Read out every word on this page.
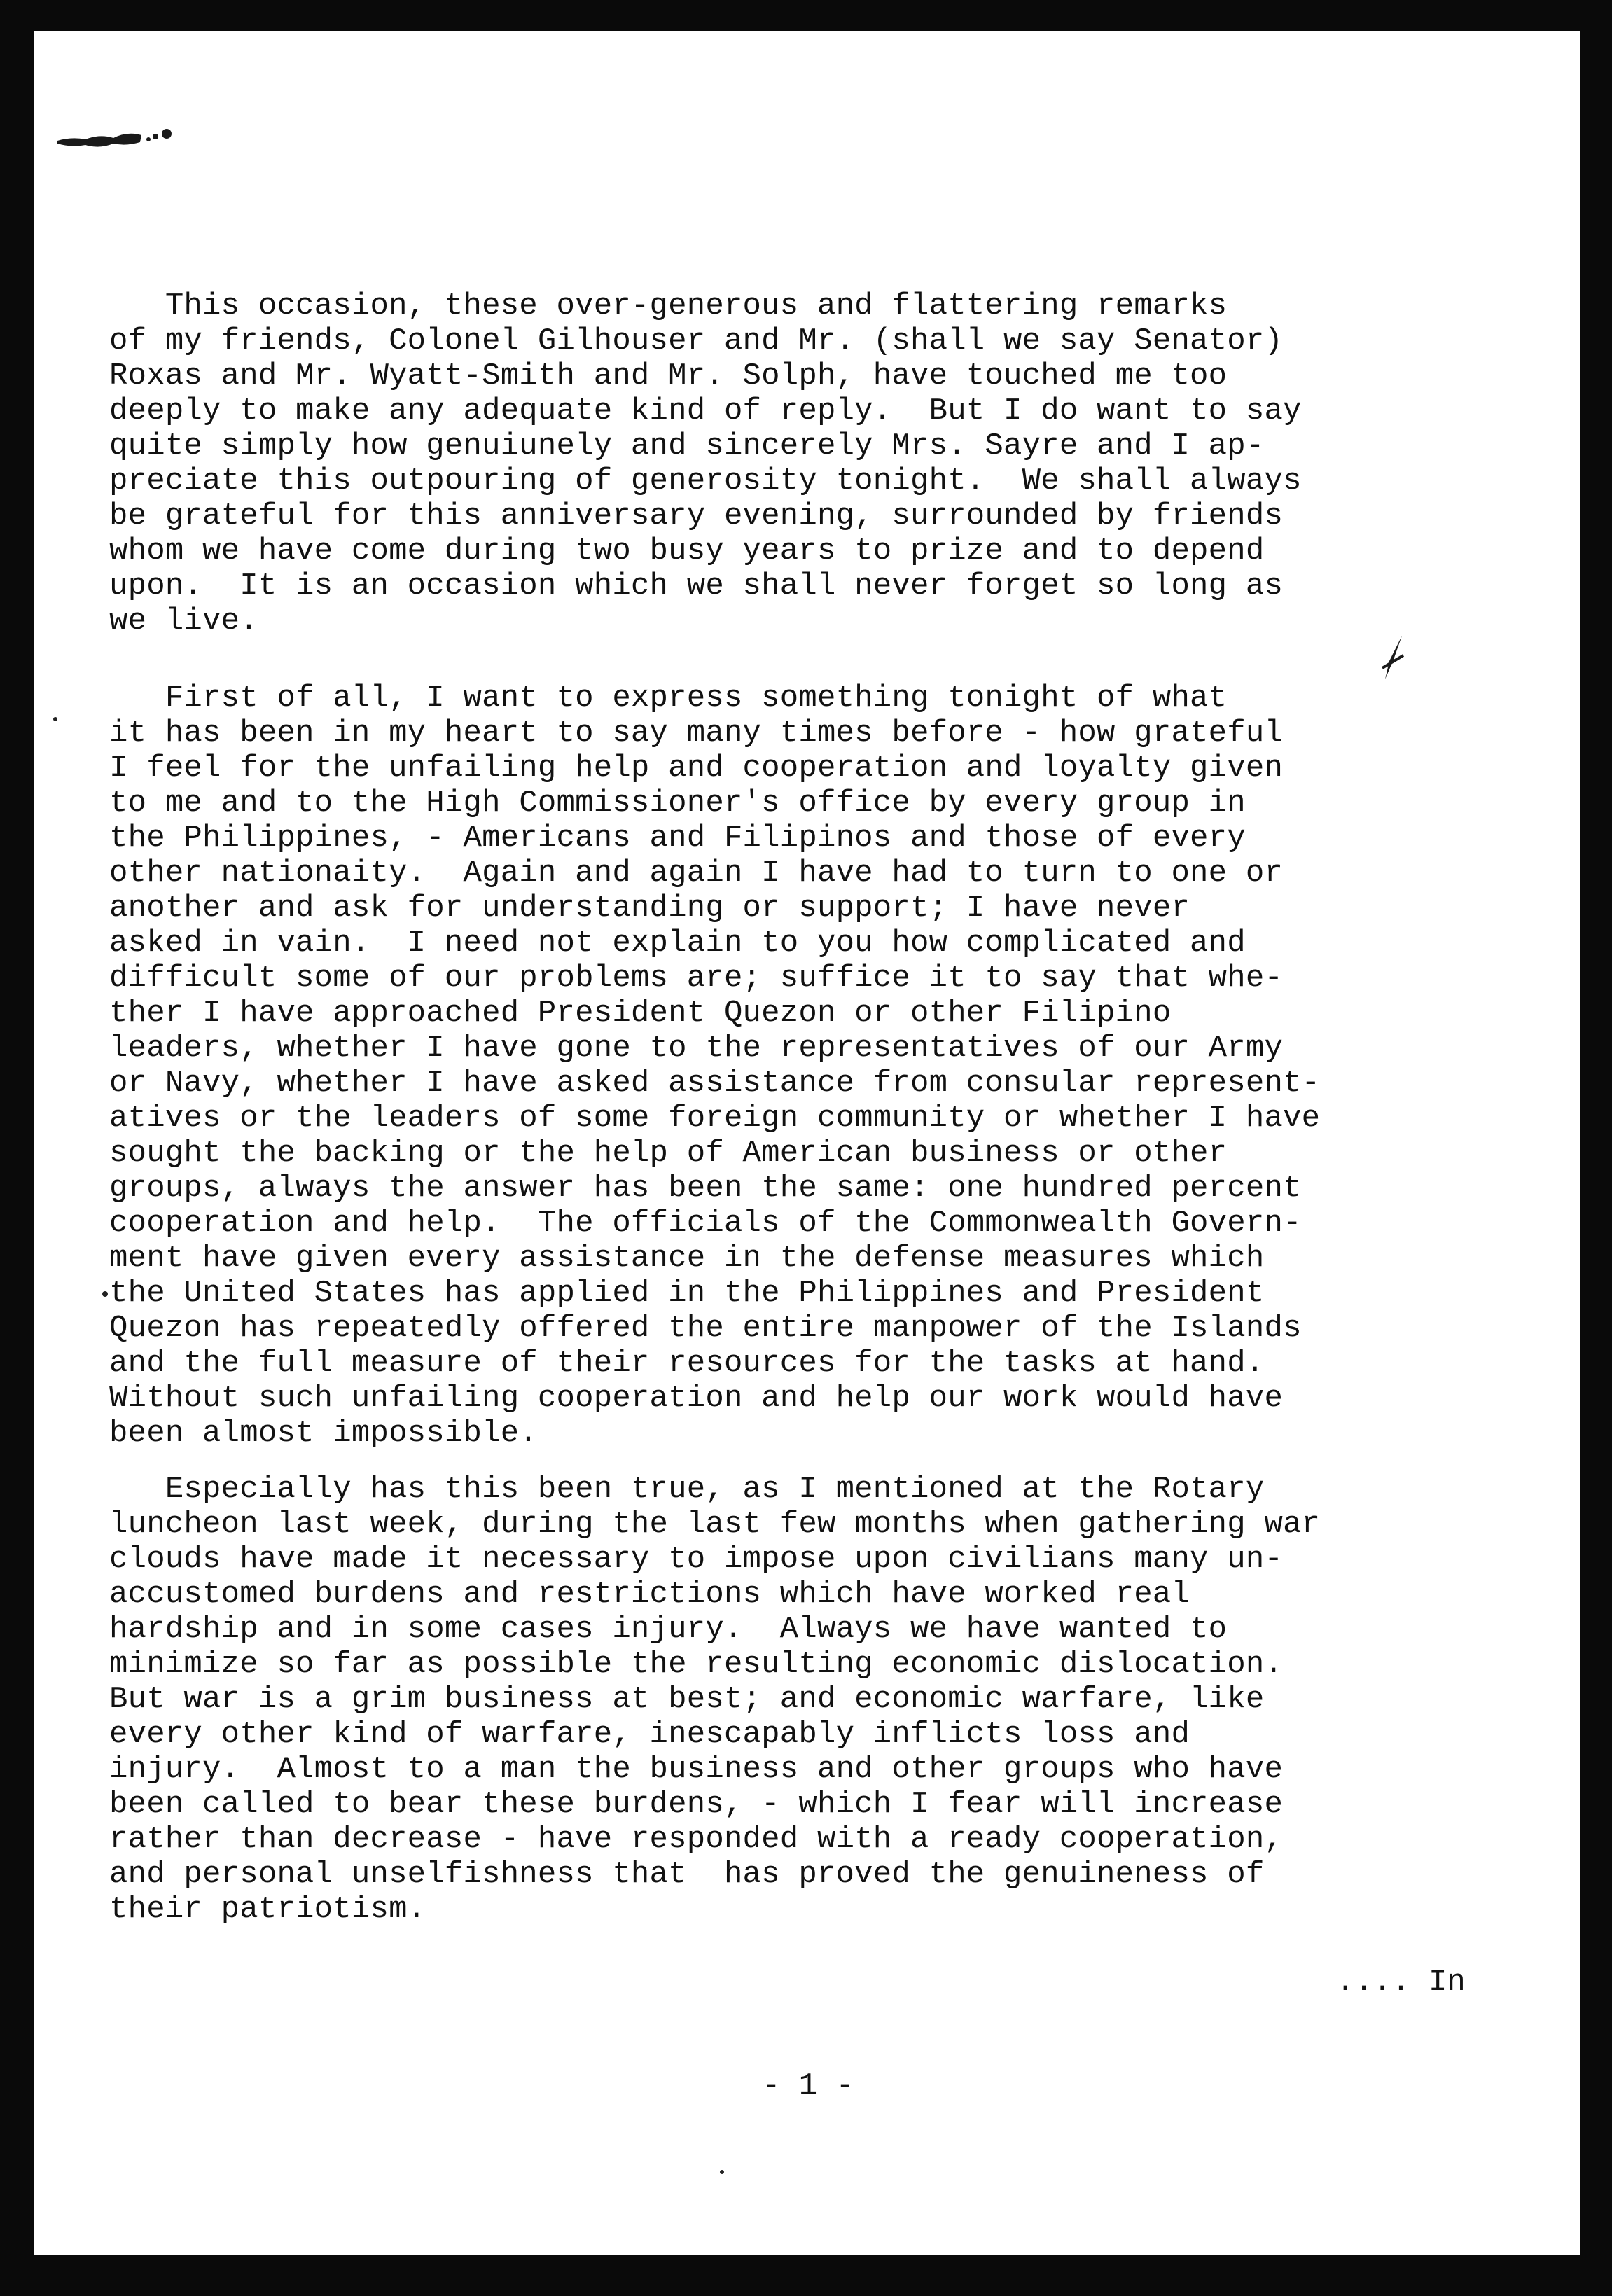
This occasion, these over-generous and flattering remarks
of my friends, Colonel Gilhouser and Mr. (shall we say Senator)
Roxas and Mr. Wyatt-Smith and Mr. Solph, have touched me too
deeply to make any adequate kind of reply.  But I do want to say
quite simply how genuiunely and sincerely Mrs. Sayre and I ap-
preciate this outpouring of generosity tonight.  We shall always
be grateful for this anniversary evening, surrounded by friends
whom we have come during two busy years to prize and to depend
upon.  It is an occasion which we shall never forget so long as
we live.
First of all, I want to express something tonight of what
it has been in my heart to say many times before - how grateful
I feel for the unfailing help and cooperation and loyalty given
to me and to the High Commissioner's office by every group in
the Philippines, - Americans and Filipinos and those of every
other nationaity.  Again and again I have had to turn to one or
another and ask for understanding or support; I have never
asked in vain.  I need not explain to you how complicated and
difficult some of our problems are; suffice it to say that whe-
ther I have approached President Quezon or other Filipino
leaders, whether I have gone to the representatives of our Army
or Navy, whether I have asked assistance from consular represent-
atives or the leaders of some foreign community or whether I have
sought the backing or the help of American business or other
groups, always the answer has been the same: one hundred percent
cooperation and help.  The officials of the Commonwealth Govern-
ment have given every assistance in the defense measures which
the United States has applied in the Philippines and President
Quezon has repeatedly offered the entire manpower of the Islands
and the full measure of their resources for the tasks at hand.
Without such unfailing cooperation and help our work would have
been almost impossible.
Especially has this been true, as I mentioned at the Rotary
luncheon last week, during the last few months when gathering war
clouds have made it necessary to impose upon civilians many un-
accustomed burdens and restrictions which have worked real
hardship and in some cases injury.  Always we have wanted to
minimize so far as possible the resulting economic dislocation.
But war is a grim business at best; and economic warfare, like
every other kind of warfare, inescapably inflicts loss and
injury.  Almost to a man the business and other groups who have
been called to bear these burdens, - which I fear will increase
rather than decrease - have responded with a ready cooperation,
and personal unselfishness that  has proved the genuineness of
their patriotism.
.... In
- 1 -
